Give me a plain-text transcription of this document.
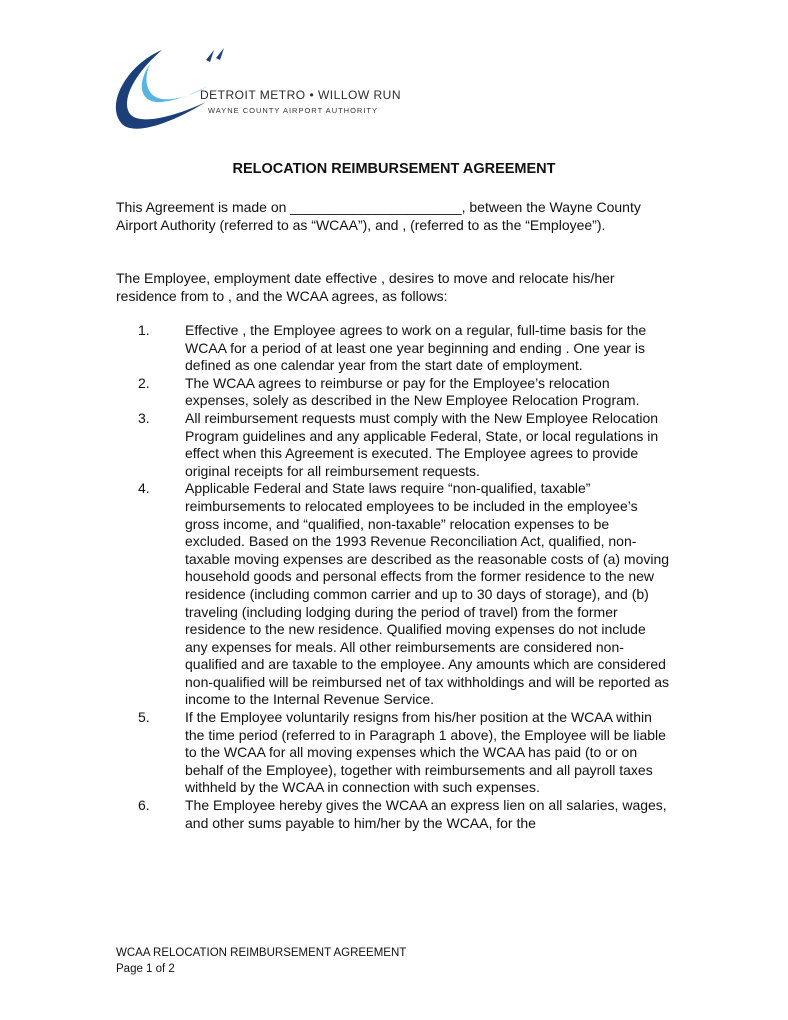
DETROIT METRO • WILLOW RUN
WAYNE COUNTY AIRPORT AUTHORITY
RELOCATION REIMBURSEMENT AGREEMENT
This Agreement is made on ______________________, between the Wayne County Airport Authority (referred to as “WCAA”), and , (referred to as the “Employee”).
The Employee, employment date effective , desires to move and relocate his/her residence from to , and the WCAA agrees, as follows:
1.	Effective , the Employee agrees to work on a regular, full-time basis for the WCAA for a period of at least one year beginning and ending . One year is defined as one calendar year from the start date of employment.
2.	The WCAA agrees to reimburse or pay for the Employee’s relocation expenses, solely as described in the New Employee Relocation Program.
3.	All reimbursement requests must comply with the New Employee Relocation Program guidelines and any applicable Federal, State, or local regulations in effect when this Agreement is executed. The Employee agrees to provide original receipts for all reimbursement requests.
4.	Applicable Federal and State laws require “non-qualified, taxable” reimbursements to relocated employees to be included in the employee’s gross income, and “qualified, non-taxable” relocation expenses to be excluded. Based on the 1993 Revenue Reconciliation Act, qualified, non-taxable moving expenses are described as the reasonable costs of (a) moving household goods and personal effects from the former residence to the new residence (including common carrier and up to 30 days of storage), and (b) traveling (including lodging during the period of travel) from the former residence to the new residence. Qualified moving expenses do not include any expenses for meals. All other reimbursements are considered non-qualified and are taxable to the employee. Any amounts which are considered non-qualified will be reimbursed net of tax withholdings and will be reported as income to the Internal Revenue Service.
5.	If the Employee voluntarily resigns from his/her position at the WCAA within the time period (referred to in Paragraph 1 above), the Employee will be liable to the WCAA for all moving expenses which the WCAA has paid (to or on behalf of the Employee), together with reimbursements and all payroll taxes withheld by the WCAA in connection with such expenses.
6.	The Employee hereby gives the WCAA an express lien on all salaries, wages, and other sums payable to him/her by the WCAA, for the
WCAA RELOCATION REIMBURSEMENT AGREEMENT
Page 1 of 2
